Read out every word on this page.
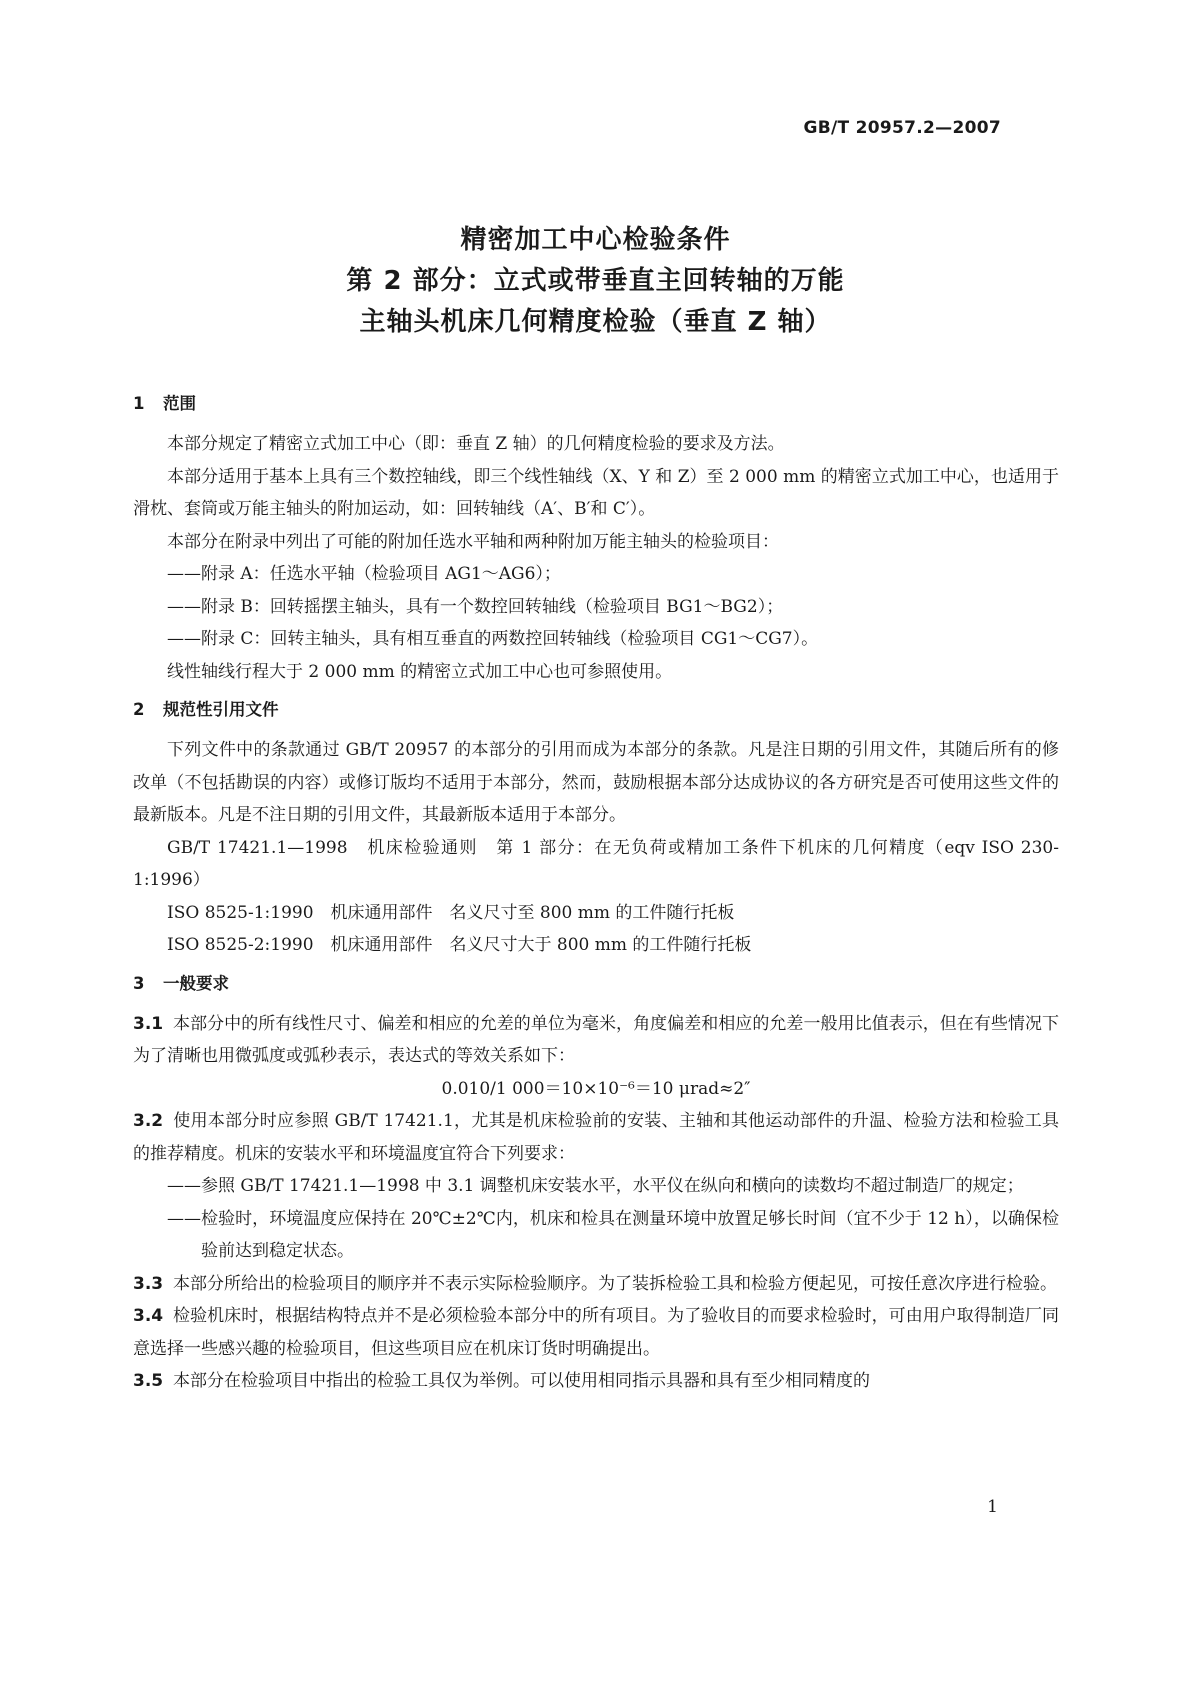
GB/T 20957.2—2007
精密加工中心检验条件
第 2 部分：立式或带垂直主回转轴的万能
主轴头机床几何精度检验（垂直 Z 轴）
1 范围

本部分规定了精密立式加工中心（即：垂直 Z 轴）的几何精度检验的要求及方法。

本部分适用于基本上具有三个数控轴线，即三个线性轴线（X、Y 和 Z）至 2 000 mm 的精密立式加工中心，也适用于滑枕、套筒或万能主轴头的附加运动，如：回转轴线（A′、B′和 C′）。

本部分在附录中列出了可能的附加任选水平轴和两种附加万能主轴头的检验项目：

——附录 A：任选水平轴（检验项目 AG1～AG6）；

——附录 B：回转摇摆主轴头，具有一个数控回转轴线（检验项目 BG1～BG2）；

——附录 C：回转主轴头，具有相互垂直的两数控回转轴线（检验项目 CG1～CG7）。

线性轴线行程大于 2 000 mm 的精密立式加工中心也可参照使用。

2 规范性引用文件

下列文件中的条款通过 GB/T 20957 的本部分的引用而成为本部分的条款。凡是注日期的引用文件，其随后所有的修改单（不包括勘误的内容）或修订版均不适用于本部分，然而，鼓励根据本部分达成协议的各方研究是否可使用这些文件的最新版本。凡是不注日期的引用文件，其最新版本适用于本部分。

GB/T 17421.1—1998　机床检验通则　第 1 部分：在无负荷或精加工条件下机床的几何精度（eqv ISO 230-1:1996）

ISO 8525-1:1990　机床通用部件　名义尺寸至 800 mm 的工件随行托板

ISO 8525-2:1990　机床通用部件　名义尺寸大于 800 mm 的工件随行托板

3 一般要求

3.1 本部分中的所有线性尺寸、偏差和相应的允差的单位为毫米，角度偏差和相应的允差一般用比值表示，但在有些情况下为了清晰也用微弧度或弧秒表示，表达式的等效关系如下：

0.010/1 000＝10×10⁻⁶＝10 μrad≈2″

3.2 使用本部分时应参照 GB/T 17421.1，尤其是机床检验前的安装、主轴和其他运动部件的升温、检验方法和检验工具的推荐精度。机床的安装水平和环境温度宜符合下列要求：

——参照 GB/T 17421.1—1998 中 3.1 调整机床安装水平，水平仪在纵向和横向的读数均不超过制造厂的规定；

——检验时，环境温度应保持在 20℃±2℃内，机床和检具在测量环境中放置足够长时间（宜不少于 12 h），以确保检验前达到稳定状态。

3.3 本部分所给出的检验项目的顺序并不表示实际检验顺序。为了装拆检验工具和检验方便起见，可按任意次序进行检验。

3.4 检验机床时，根据结构特点并不是必须检验本部分中的所有项目。为了验收目的而要求检验时，可由用户取得制造厂同意选择一些感兴趣的检验项目，但这些项目应在机床订货时明确提出。

3.5 本部分在检验项目中指出的检验工具仅为举例。可以使用相同指示具器和具有至少相同精度的

1
